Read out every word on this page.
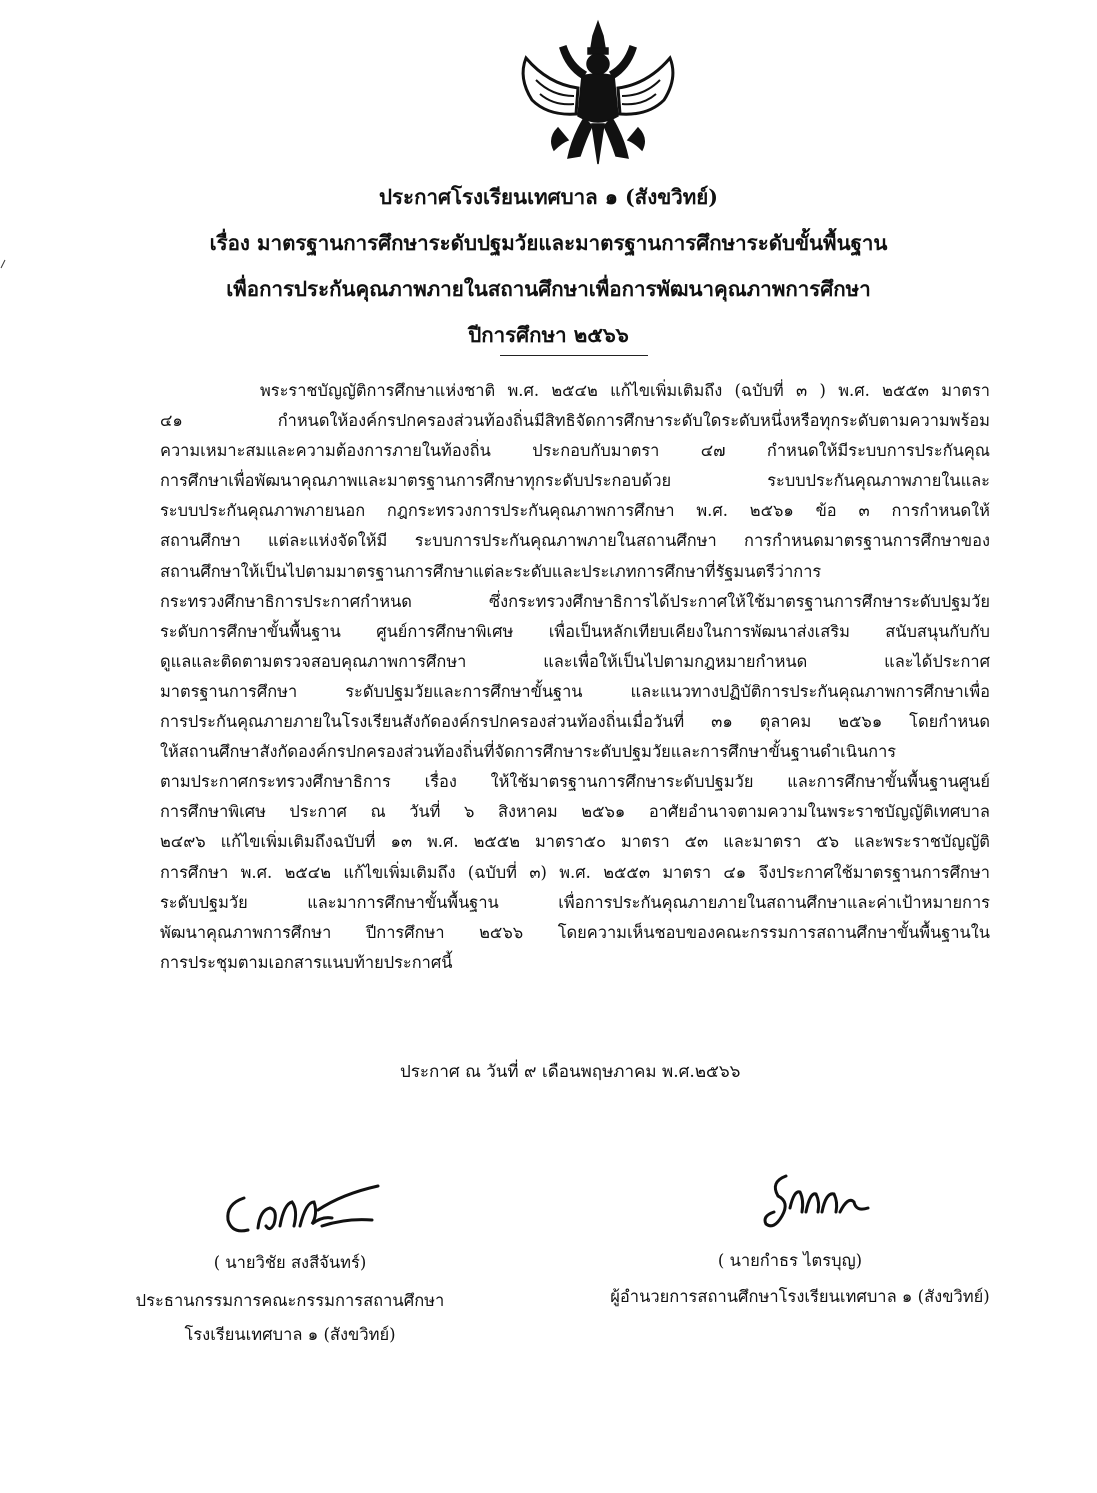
ประกาศโรงเรียนเทศบาล ๑ (สังขวิทย์)
เรื่อง มาตรฐานการศึกษาระดับปฐมวัยและมาตรฐานการศึกษาระดับขั้นพื้นฐาน
เพื่อการประกันคุณภาพภายในสถานศึกษาเพื่อการพัฒนาคุณภาพการศึกษา
ปีการศึกษา ๒๕๖๖
พระราชบัญญัติการศึกษาแห่งชาติ พ.ศ. ๒๕๔๒ แก้ไขเพิ่มเติมถึง (ฉบับที่ ๓ ) พ.ศ. ๒๕๕๓ มาตรา
๔๑	กำหนดให้องค์กรปกครองส่วนท้องถิ่นมีสิทธิจัดการศึกษาระดับใดระดับหนึ่งหรือทุกระดับตามความพร้อม
ความเหมาะสมและความต้องการภายในท้องถิ่น	ประกอบกับมาตรา	๔๗	กำหนดให้มีระบบการประกันคุณ
การศึกษาเพื่อพัฒนาคุณภาพและมาตรฐานการศึกษาทุกระดับประกอบด้วย	ระบบประกันคุณภาพภายในและ
ระบบประกันคุณภาพภายนอก กฎกระทรวงการประกันคุณภาพการศึกษา พ.ศ. ๒๕๖๑ ข้อ ๓ การกำหนดให้
สถานศึกษา แต่ละแห่งจัดให้มี ระบบการประกันคุณภาพภายในสถานศึกษา การกำหนดมาตรฐานการศึกษาของ
สถานศึกษาให้เป็นไปตามมาตรฐานการศึกษาแต่ละระดับและประเภทการศึกษาที่รัฐมนตรีว่าการ
กระทรวงศึกษาธิการประกาศกำหนด	ซึ่งกระทรวงศึกษาธิการได้ประกาศให้ใช้มาตรฐานการศึกษาระดับปฐมวัย
ระดับการศึกษาขั้นพื้นฐาน ศูนย์การศึกษาพิเศษ เพื่อเป็นหลักเทียบเคียงในการพัฒนาส่งเสริม สนับสนุนกับกับ
ดูแลและติดตามตรวจสอบคุณภาพการศึกษา	และเพื่อให้เป็นไปตามกฎหมายกำหนด	และได้ประกาศ
มาตรฐานการศึกษา	ระดับปฐมวัยและการศึกษาขั้นฐาน	และแนวทางปฏิบัติการประกันคุณภาพการศึกษาเพื่อ
การประกันคุณภายภายในโรงเรียนสังกัดองค์กรปกครองส่วนท้องถิ่นเมื่อวันที่ ๓๑ ตุลาคม ๒๕๖๑ โดยกำหนด
ให้สถานศึกษาสังกัดองค์กรปกครองส่วนท้องถิ่นที่จัดการศึกษาระดับปฐมวัยและการศึกษาขั้นฐานดำเนินการ
ตามประกาศกระทรวงศึกษาธิการ เรื่อง ให้ใช้มาตรฐานการศึกษาระดับปฐมวัย และการศึกษาขั้นพื้นฐานศูนย์
การศึกษาพิเศษ ประกาศ ณ วันที่ ๖ สิงหาคม ๒๕๖๑ อาศัยอำนาจตามความในพระราชบัญญัติเทศบาล
๒๔๙๖ แก้ไขเพิ่มเติมถึงฉบับที่ ๑๓ พ.ศ. ๒๕๕๒ มาตรา๕๐ มาตรา ๕๓ และมาตรา ๕๖ และพระราชบัญญัติ
การศึกษา พ.ศ. ๒๕๔๒ แก้ไขเพิ่มเติมถึง (ฉบับที่ ๓) พ.ศ. ๒๕๕๓ มาตรา ๔๑ จึงประกาศใช้มาตรฐานการศึกษา
ระดับปฐมวัย	และมาการศึกษาขั้นพื้นฐาน	เพื่อการประกันคุณภายภายในสถานศึกษาและค่าเป้าหมายการ
พัฒนาคุณภาพการศึกษา ปีการศึกษา ๒๕๖๖ โดยความเห็นชอบของคณะกรรมการสถานศึกษาขั้นพื้นฐานใน
การประชุม ตามเอกสารแนบท้ายประกาศนี้
ประกาศ ณ วันที่ ๙ เดือนพฤษภาคม พ.ศ.๒๕๖๖
( นายวิชัย สงสีจันทร์)
ประธานกรรมการคณะกรรมการสถานศึกษา
โรงเรียนเทศบาล ๑ (สังขวิทย์)
( นายกำธร ไตรบุญ)
ผู้อำนวยการสถานศึกษาโรงเรียนเทศบาล ๑ (สังขวิทย์)
